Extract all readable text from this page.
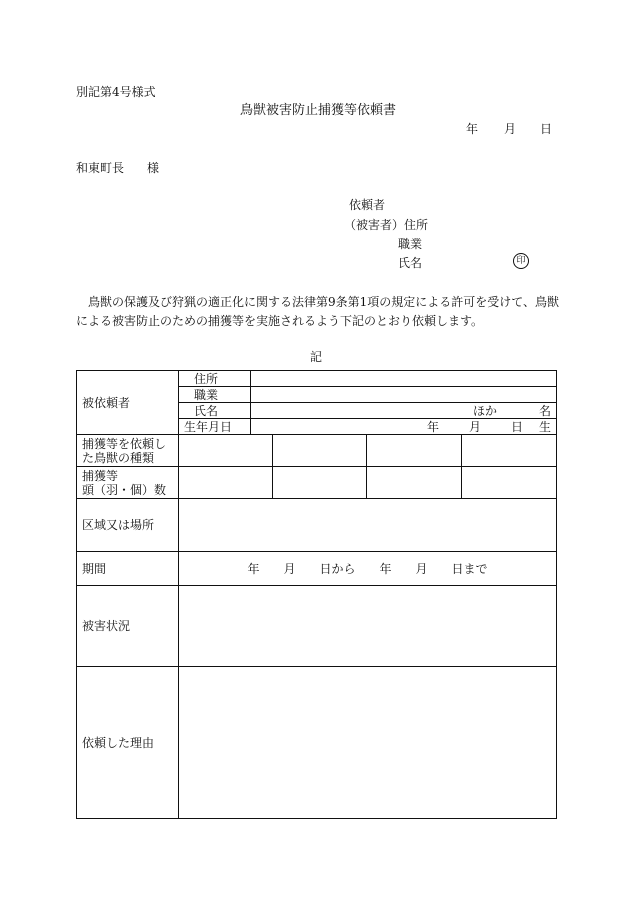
別記第4号様式
鳥獣被害防止捕獲等依頼書
年 月 日
和東町長 様
依頼者
（被害者）住所
職業
氏名	印
鳥獣の保護及び狩猟の適正化に関する法律第9条第1項の規定による許可を受けて、鳥獣
による被害防止のための捕獲等を実施されるよう下記のとおり依頼します。
記
被依頼者	住所				

	職業				

	氏名	ほか 名			
	生年月日	年 月 日 生			

捕獲等を依頼し
た鳥獣の種類					

捕獲等
頭（羽・個）数					

区域又は場所					
期間	年　　月　　日から　　年　　月　　日まで				
被害状況					
依頼した理由					
